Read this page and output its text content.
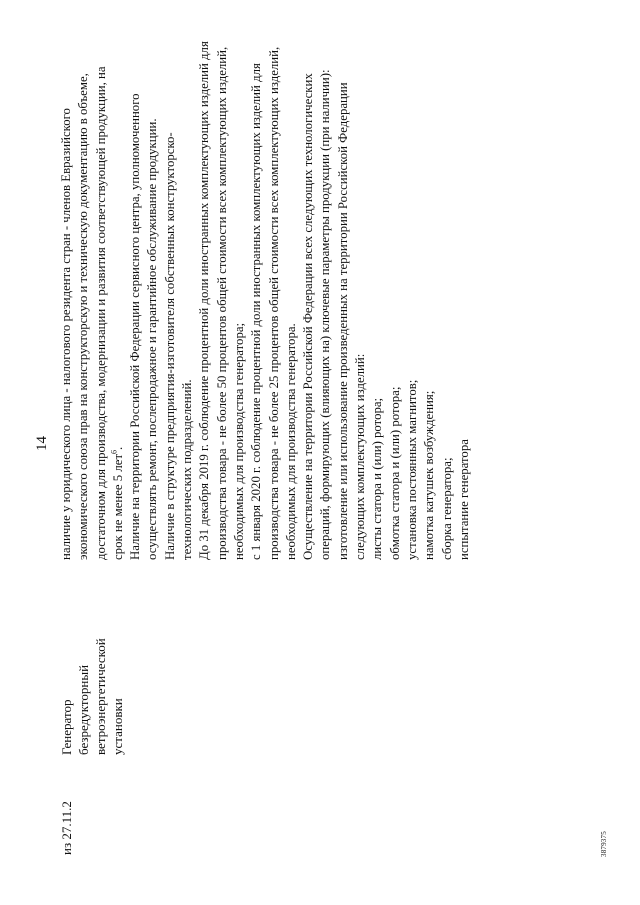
14
из 27.11.2
Генератор безредукторный ветроэнергетической установки

наличие у юридического лица - налогового резидента стран - членов Евразийского экономического союза прав на конструкторскую и техническую документацию в объеме, достаточном для производства, модернизации и развития соответствующей продукции, на срок не менее 5 лет$^6$. Наличие на территории Российской Федерации сервисного центра, уполномоченного осуществлять ремонт, послепродажное и гарантийное обслуживание продукции. Наличие в структуре предприятия-изготовителя собственных конструкторско-технологических подразделений. До 31 декабря 2019 г. соблюдение процентной доли иностранных комплектующих изделий для производства товара - не более 50 процентов общей стоимости всех комплектующих изделий, необходимых для производства генератора; с 1 января 2020 г. соблюдение процентной доли иностранных комплектующих изделий для производства товара - не более 25 процентов общей стоимости всех комплектующих изделий, необходимых для производства генератора. Осуществление на территории Российской Федерации всех следующих технологических операций, формирующих (влияющих на) ключевые параметры продукции (при наличии): изготовление или использование произведенных на территории Российской Федерации следующих комплектующих изделий: листы статора и (или) ротора; обмотка статора и (или) ротора; установка постоянных магнитов; намотка катушек возбуждения; сборка генератора; испытание генератора

3879375
